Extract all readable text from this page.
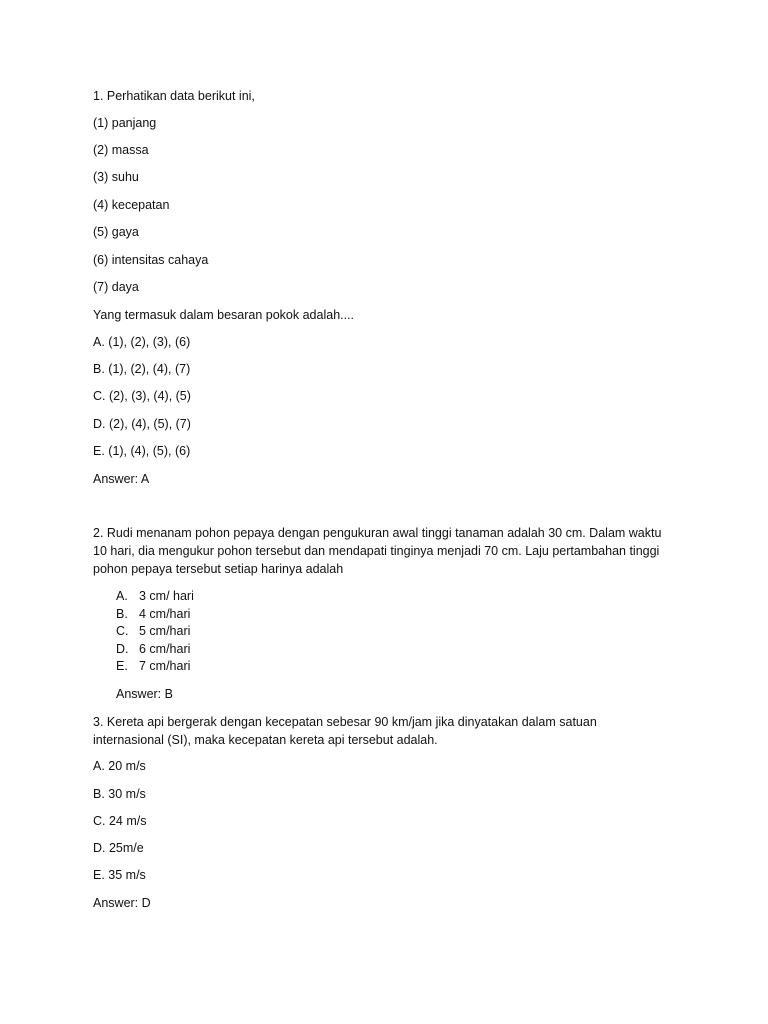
1. Perhatikan data berikut ini,
(1) panjang
(2) massa
(3) suhu
(4) kecepatan
(5) gaya
(6) intensitas cahaya
(7) daya
Yang termasuk dalam besaran pokok adalah....
A. (1), (2), (3), (6)
B. (1), (2), (4), (7)
C. (2), (3), (4), (5)
D. (2), (4), (5), (7)
E. (1), (4), (5), (6)
Answer: A
2. Rudi menanam pohon pepaya dengan pengukuran awal tinggi tanaman adalah 30 cm. Dalam waktu 10 hari, dia mengukur pohon tersebut dan mendapati tinginya menjadi 70 cm. Laju pertambahan tinggi pohon pepaya tersebut setiap harinya adalah
A. 3 cm/ hari
B. 4 cm/hari
C. 5 cm/hari
D. 6 cm/hari
E. 7 cm/hari
Answer: B
3. Kereta api bergerak dengan kecepatan sebesar 90 km/jam jika dinyatakan dalam satuan internasional (SI), maka kecepatan kereta api tersebut adalah.
A. 20 m/s
B. 30 m/s
C. 24 m/s
D. 25m/e
E. 35 m/s
Answer: D
